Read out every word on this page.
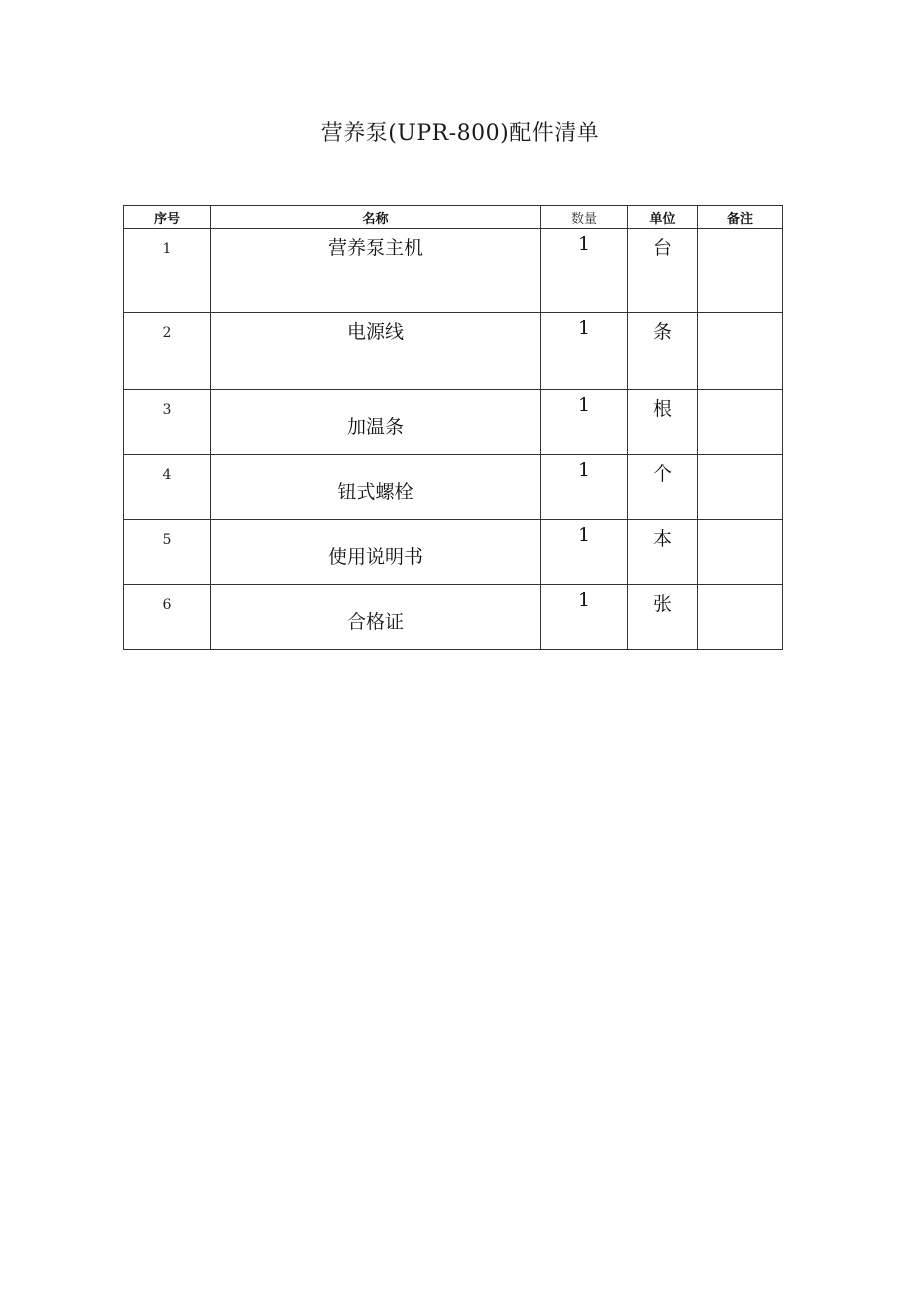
营养泵(UPR-800)配件清单
序号	名称	数量	单位	备注

1	营养泵主机	1	台	

2	电源线	1	条	

3	加温条	1	根	

4	钮式螺栓	1	个	

5	使用说明书	1	本	

6	合格证	1	张	
